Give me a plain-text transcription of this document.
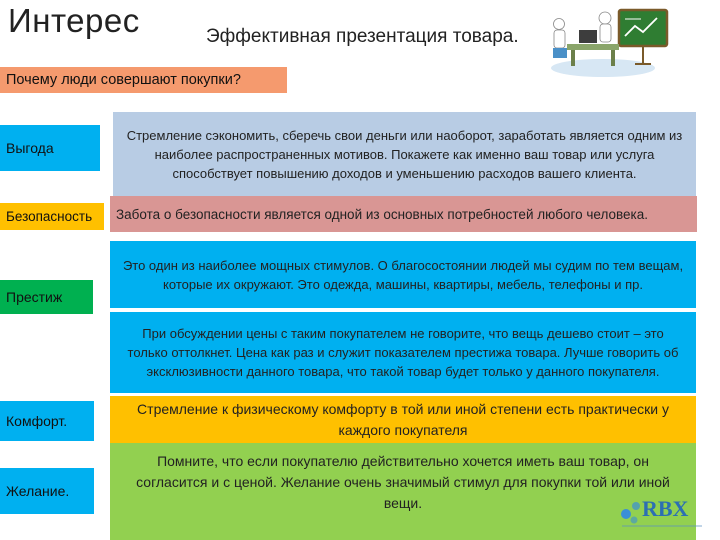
Интерес	Эффективная презентация товара.
Почему люди совершают покупки?
Выгода
Стремление сэкономить, сберечь свои деньги или наоборот, заработать является одним из наиболее распространенных мотивов. Покажете как именно ваш товар или услуга способствует повышению доходов и уменьшению расходов вашего клиента.
Безопасность	Забота о безопасности является одной из основных потребностей любого человека.
Престиж
Это один из наиболее мощных стимулов. О благосостоянии людей мы судим по тем вещам, которые их окружают. Это одежда, машины, квартиры, мебель, телефоны и пр.
При обсуждении цены с таким покупателем не говорите, что вещь дешево стоит – это только оттолкнет. Цена как раз и служит показателем престижа товара. Лучше говорить об эксклюзивности данного товара, что такой товар будет только у данного покупателя.
Комфорт.
Стремление к физическому комфорту в той или иной степени есть практически у каждого покупателя
Желание.
Помните, что если покупателю действительно хочется иметь ваш товар, он согласится и с ценой. Желание очень значимый стимул для покупки той или иной вещи.	RBX
